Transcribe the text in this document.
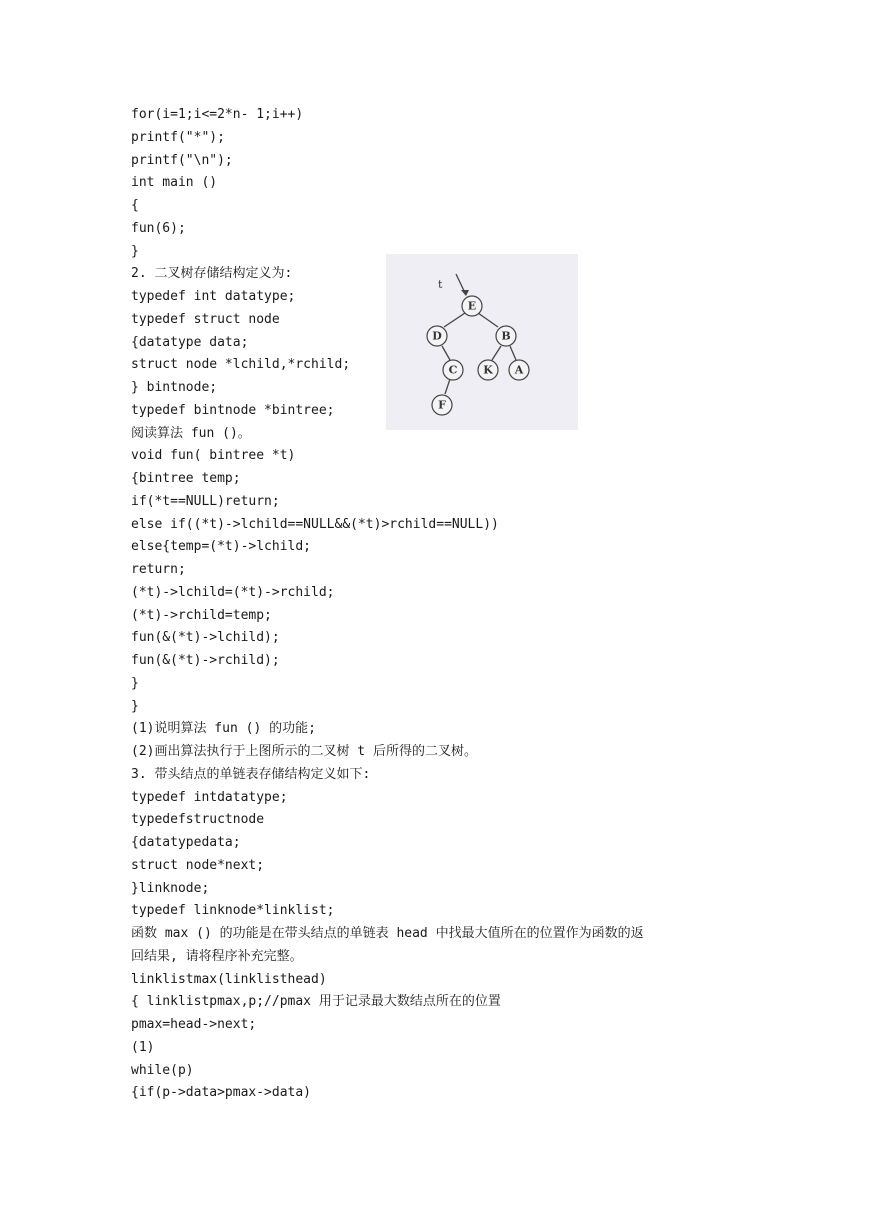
for(i=1;i<=2*n- 1;i++)
printf("*");
printf("\n");
int main ()
{
fun(6);
}
2. 二叉树存储结构定义为:
typedef int datatype;
typedef struct node
{datatype data;
struct node *lchild,*rchild;
} bintnode;
typedef bintnode *bintree;
阅读算法 fun ()。
void fun( bintree *t)
{bintree temp;
if(*t==NULL)return;
else if((*t)->lchild==NULL&&(*t)>rchild==NULL))
else{temp=(*t)->lchild;
return;
(*t)->lchild=(*t)->rchild;
(*t)->rchild=temp;
fun(&(*t)->lchild);
fun(&(*t)->rchild);
}
}
(1)说明算法 fun () 的功能;
(2)画出算法执行于上图所示的二叉树 t 后所得的二叉树。
3. 带头结点的单链表存储结构定义如下:
typedef intdatatype;
typedefstructnode
{datatypedata;
struct node*next;
}linknode;
typedef linknode*linklist;
函数 max () 的功能是在带头结点的单链表 head 中找最大值所在的位置作为函数的返
回结果, 请将程序补充完整。
linklistmax(linklisthead)
{ linklistpmax,p;//pmax 用于记录最大数结点所在的位置
pmax=head->next;
(1)
while(p)
{if(p->data>pmax->data)
t
E
D	B
C K A
F
